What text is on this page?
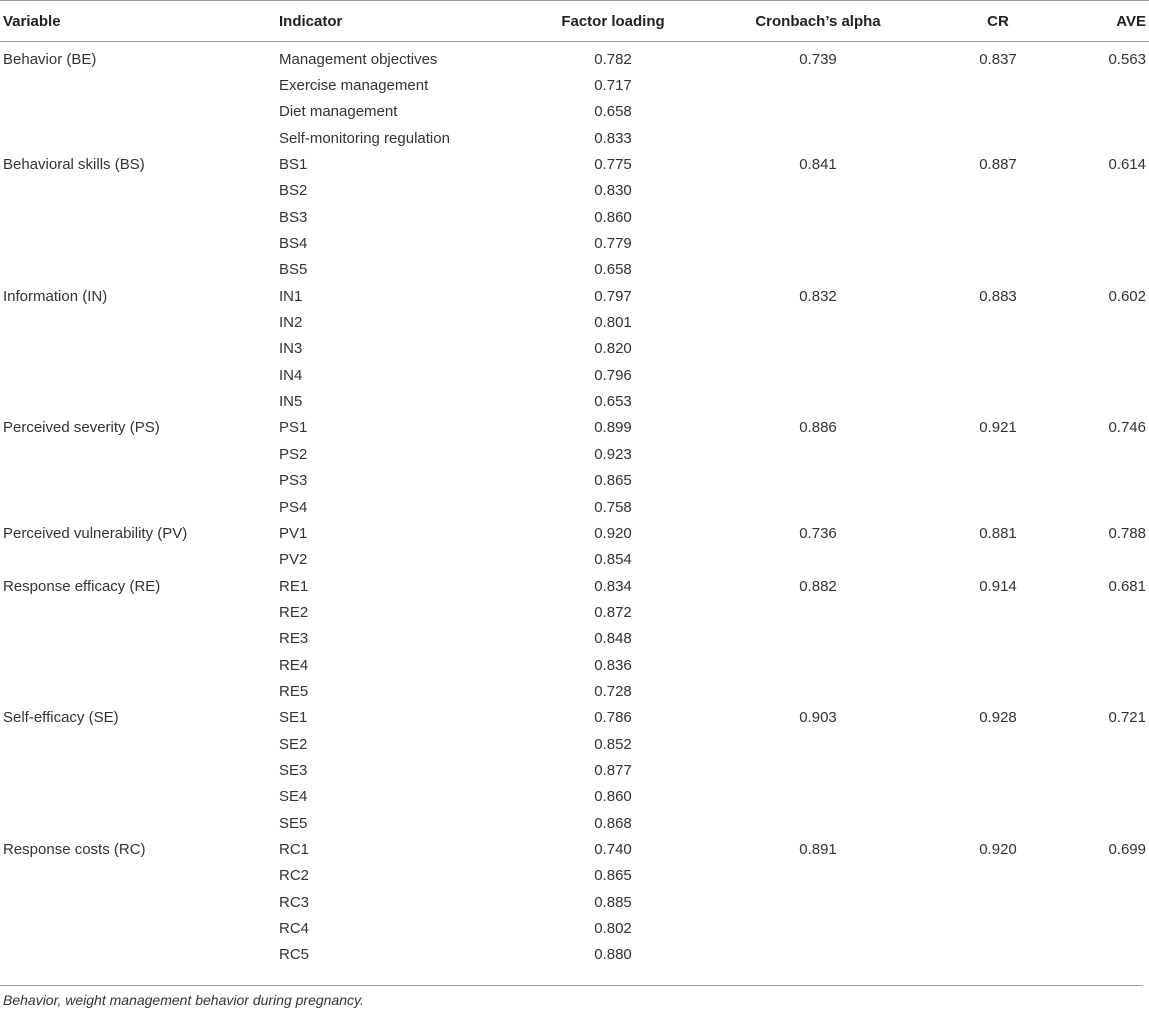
Variable	Indicator	Factor loading	Cronbach’s alpha	CR	AVE
Behavior (BE)	Management objectives	0.782	0.739	0.837	0.563
	Exercise management	0.717			
	Diet management	0.658			
	Self-monitoring regulation	0.833			
Behavioral skills (BS)	BS1	0.775	0.841	0.887	0.614
	BS2	0.830			
	BS3	0.860			
	BS4	0.779			
	BS5	0.658			
Information (IN)	IN1	0.797	0.832	0.883	0.602
	IN2	0.801			
	IN3	0.820			
	IN4	0.796			
	IN5	0.653			
Perceived severity (PS)	PS1	0.899	0.886	0.921	0.746
	PS2	0.923			
	PS3	0.865			
	PS4	0.758			
Perceived vulnerability (PV)	PV1	0.920	0.736	0.881	0.788
	PV2	0.854			
Response efficacy (RE)	RE1	0.834	0.882	0.914	0.681
	RE2	0.872			
	RE3	0.848			
	RE4	0.836			
	RE5	0.728			
Self-efficacy (SE)	SE1	0.786	0.903	0.928	0.721
	SE2	0.852			
	SE3	0.877			
	SE4	0.860			
	SE5	0.868			
Response costs (RC)	RC1	0.740	0.891	0.920	0.699
	RC2	0.865			
	RC3	0.885			
	RC4	0.802			
	RC5	0.880			
Behavior, weight management behavior during pregnancy.
